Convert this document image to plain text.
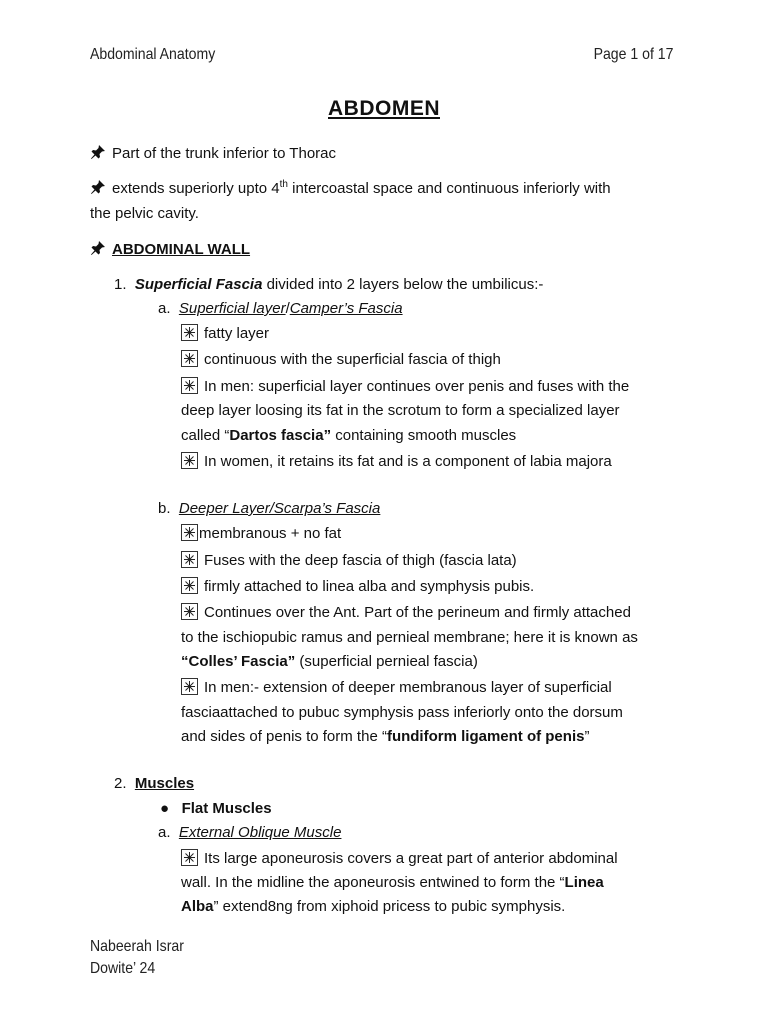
Abdominal Anatomy	Page 1 of 17
ABDOMEN
Part of the trunk inferior to Thorac
extends superiorly upto 4th intercoastal space and continuous inferiorly with
the pelvic cavity.
ABDOMINAL WALL
1. Superficial Fascia divided into 2 layers below the umbilicus:-
a. Superficial layer/Camper’s Fascia
fatty layer
continuous with the superficial fascia of thigh
In men: superficial layer continues over penis and fuses with the
deep layer loosing its fat in the scrotum to form a specialized layer
called “Dartos fascia” containing smooth muscles
In women, it retains its fat and is a component of labia majora
b. Deeper Layer/Scarpa’s Fascia
membranous + no fat
Fuses with the deep fascia of thigh (fascia lata)
firmly attached to linea alba and symphysis pubis.
Continues over the Ant. Part of the perineum and firmly attached
to the ischiopubic ramus and pernieal membrane; here it is known as
“Colles’ Fascia” (superficial pernieal fascia)
In men:- extension of deeper membranous layer of superficial
fasciaattached to pubuc symphysis pass inferiorly onto the dorsum
and sides of penis to form the “fundiform ligament of penis”
2. Muscles
● Flat Muscles
a. External Oblique Muscle
Its large aponeurosis covers a great part of anterior abdominal
wall. In the midline the aponeurosis entwined to form the “Linea
Alba” extend8ng from xiphoid pricess to pubic symphysis.
Nabeerah Israr
Dowite’ 24
